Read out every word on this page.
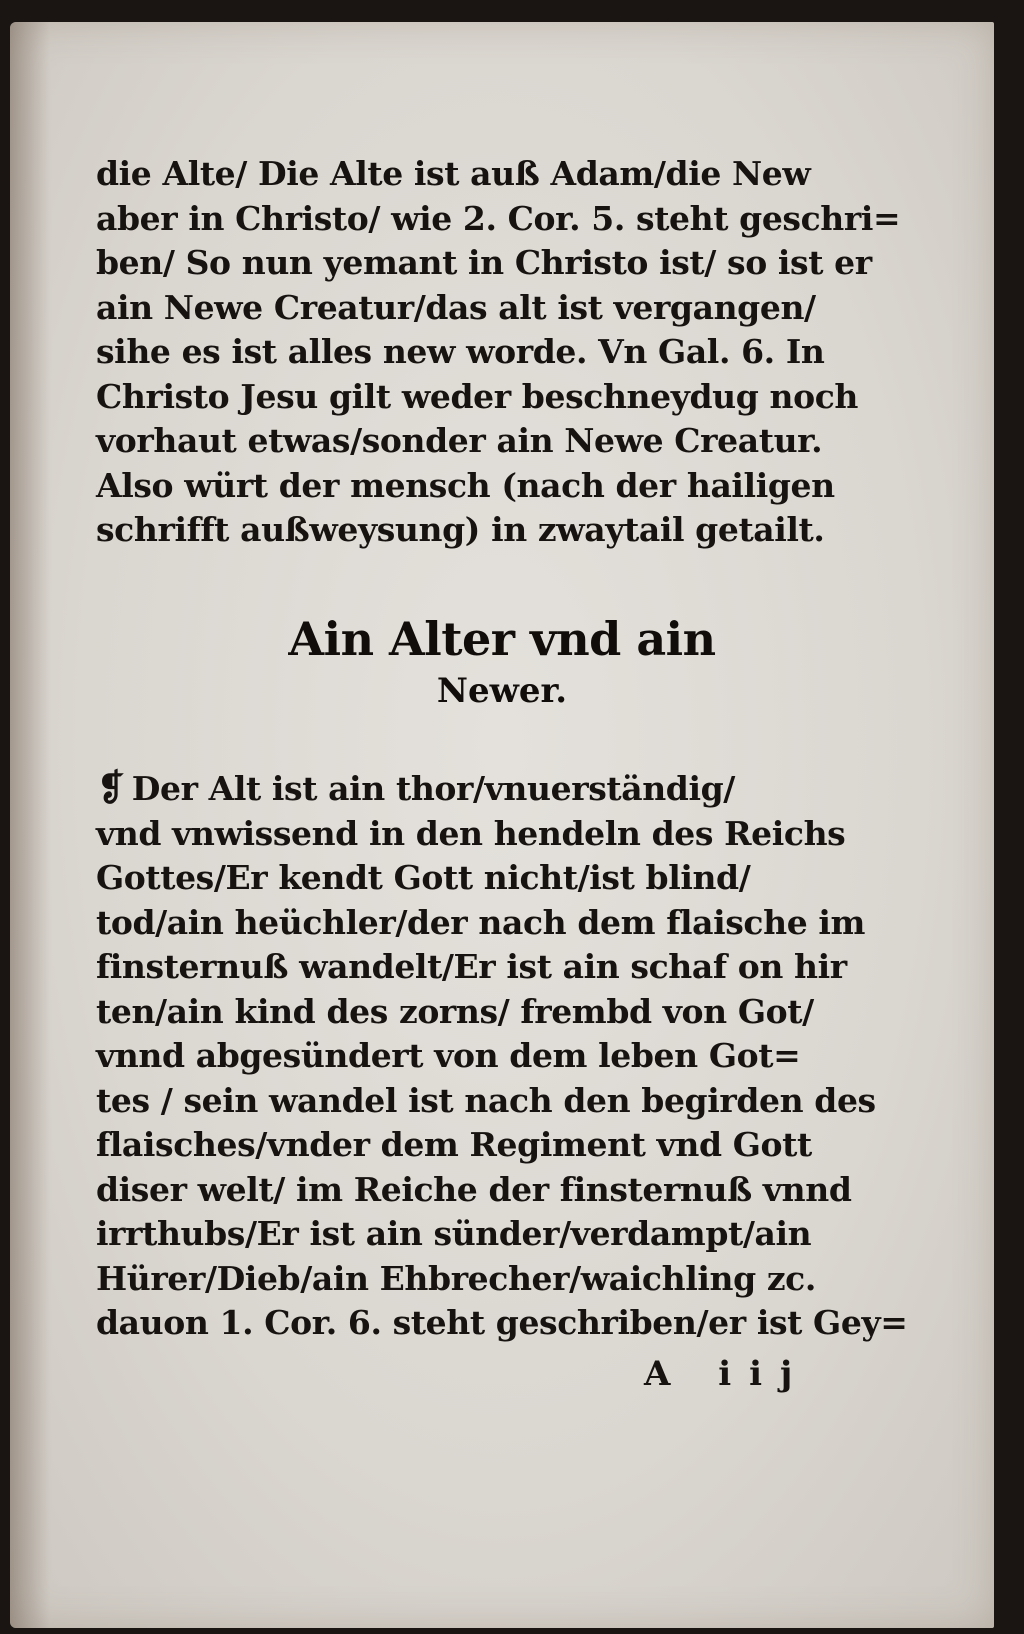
die Alte/ Die Alte ist auß Adam/die New
aber in Christo/ wie 2. Cor. 5. steht geschri=
ben/ So nun yemant in Christo ist/ so ist er
ain Newe Creatur/das alt ist vergangen/
sihe es ist alles new worde. Vn Gal. 6. In
Christo Jesu gilt weder beschneydug noch
vorhaut etwas/sonder ain Newe Creatur.
Also würt der mensch (nach der hailigen
schrifft außweysung) in zwaytail getailt.
Ain Alter vnd ain
Newer.
❡ Der Alt ist ain thor/vnuerständig/
vnd vnwissend in den hendeln des Reichs
Gottes/Er kendt Gott nicht/ist blind/
tod/ain heüchler/der nach dem flaische im
finsternuß wandelt/Er ist ain schaf on hir
ten/ain kind des zorns/ frembd von Got/
vnnd abgesündert von dem leben Got=
tes / sein wandel ist nach den begirden des
flaisches/vnder dem Regiment vnd Gott
diser welt/ im Reiche der finsternuß vnnd
irrthubs/Er ist ain sünder/verdampt/ain
Hürer/Dieb/ain Ehbrecher/waichling zc.
dauon 1. Cor. 6. steht geschriben/er ist Gey=
A iij
